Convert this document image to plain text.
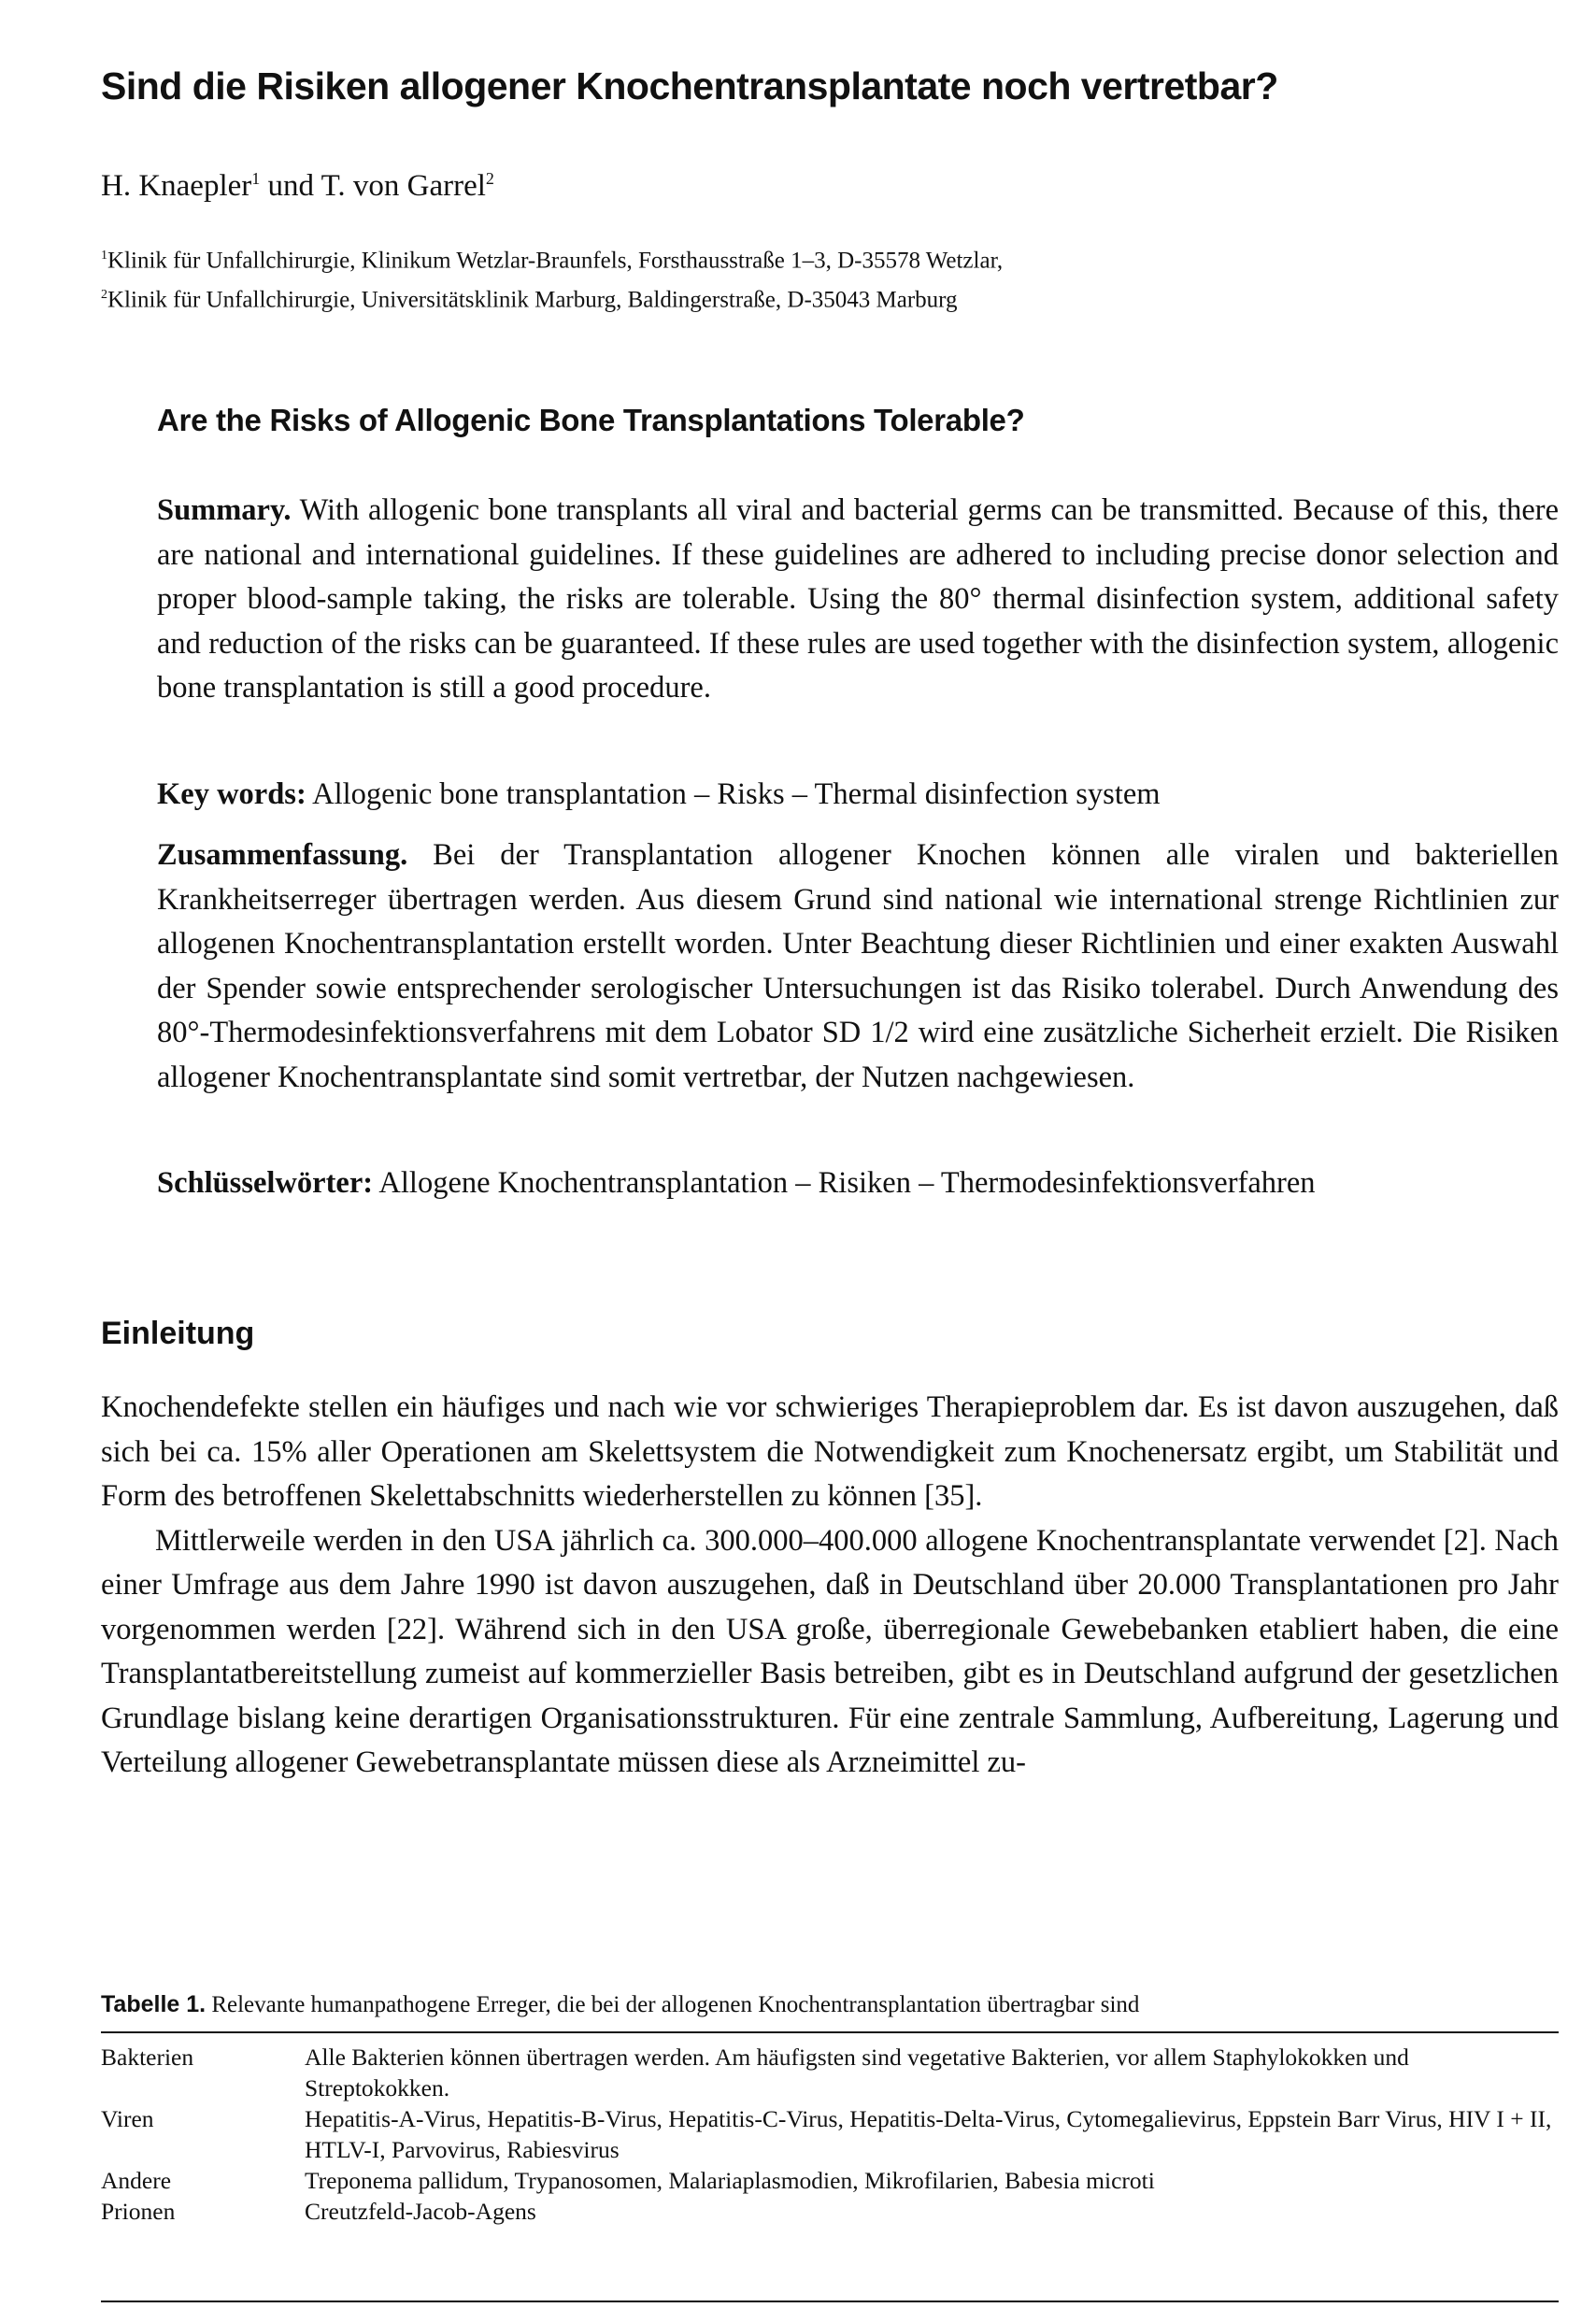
Sind die Risiken allogener Knochentransplantate noch vertretbar?
H. Knaepler$^1$ und T. von Garrel$^2$
$^1$Klinik für Unfallchirurgie, Klinikum Wetzlar-Braunfels, Forsthausstraße 1–3, D-35578 Wetzlar,
$^2$Klinik für Unfallchirurgie, Universitätsklinik Marburg, Baldingerstraße, D-35043 Marburg
Are the Risks of Allogenic Bone Transplantations Tolerable?

Summary. With allogenic bone transplants all viral and bacterial germs can be transmitted. Because of this, there are national and international guidelines. If these guidelines are adhered to including precise donor selection and proper blood-sample taking, the risks are tolerable. Using the 80° thermal disinfection system, additional safety and reduction of the risks can be guaranteed. If these rules are used together with the disinfection system, allogenic bone transplantation is still a good procedure.

Key words: Allogenic bone transplantation – Risks – Thermal disinfection system

Zusammenfassung. Bei der Transplantation allogener Knochen können alle viralen und bakteriellen Krankheitserreger übertragen werden. Aus diesem Grund sind national wie international strenge Richtlinien zur allogenen Knochentransplantation erstellt worden. Unter Beachtung dieser Richtlinien und einer exakten Auswahl der Spender sowie entsprechender serologischer Untersuchungen ist das Risiko tolerabel. Durch Anwendung des 80°-Thermodesinfektionsverfahrens mit dem Lobator SD 1/2 wird eine zusätzliche Sicherheit erzielt. Die Risiken allogener Knochentransplantate sind somit vertretbar, der Nutzen nachgewiesen.

Schlüsselwörter: Allogene Knochentransplantation – Risiken – Thermodesinfektionsverfahren

Einleitung

Knochendefekte stellen ein häufiges und nach wie vor schwieriges Therapieproblem dar. Es ist davon auszugehen, daß sich bei ca. 15% aller Operationen am Skelettsystem die Notwendigkeit zum Knochenersatz ergibt, um Stabilität und Form des betroffenen Skelettabschnitts wiederherstellen zu können [35].

Mittlerweile werden in den USA jährlich ca. 300.000–400.000 allogene Knochentransplantate verwendet [2]. Nach einer Umfrage aus dem Jahre 1990 ist davon auszugehen, daß in Deutschland über 20.000 Transplantationen pro Jahr vorgenommen werden [22]. Während sich in den USA große, überregionale Gewebebanken etabliert haben, die eine Transplantatbereitstellung zumeist auf kommerzieller Basis betreiben, gibt es in Deutschland aufgrund der gesetzlichen Grundlage bislang keine derartigen Organisationsstrukturen. Für eine zentrale Sammlung, Aufbereitung, Lagerung und Verteilung allogener Gewebetransplantate müssen diese als Arzneimittel zu-

Tabelle 1. Relevante humanpathogene Erreger, die bei der allogenen Knochentransplantation übertragbar sind
Bakterien	Alle Bakterien können übertragen werden. Am häufigsten sind vegetative Bakterien, vor allem Staphylokokken und Streptokokken.
Viren	Hepatitis-A-Virus, Hepatitis-B-Virus, Hepatitis-C-Virus, Hepatitis-Delta-Virus, Cytomegalievirus, Eppstein Barr Virus, HIV I + II, HTLV-I, Parvovirus, Rabiesvirus
Andere	Treponema pallidum, Trypanosomen, Malariaplasmodien, Mikrofilarien, Babesia microti
Prionen	Creutzfeld-Jacob-Agens
